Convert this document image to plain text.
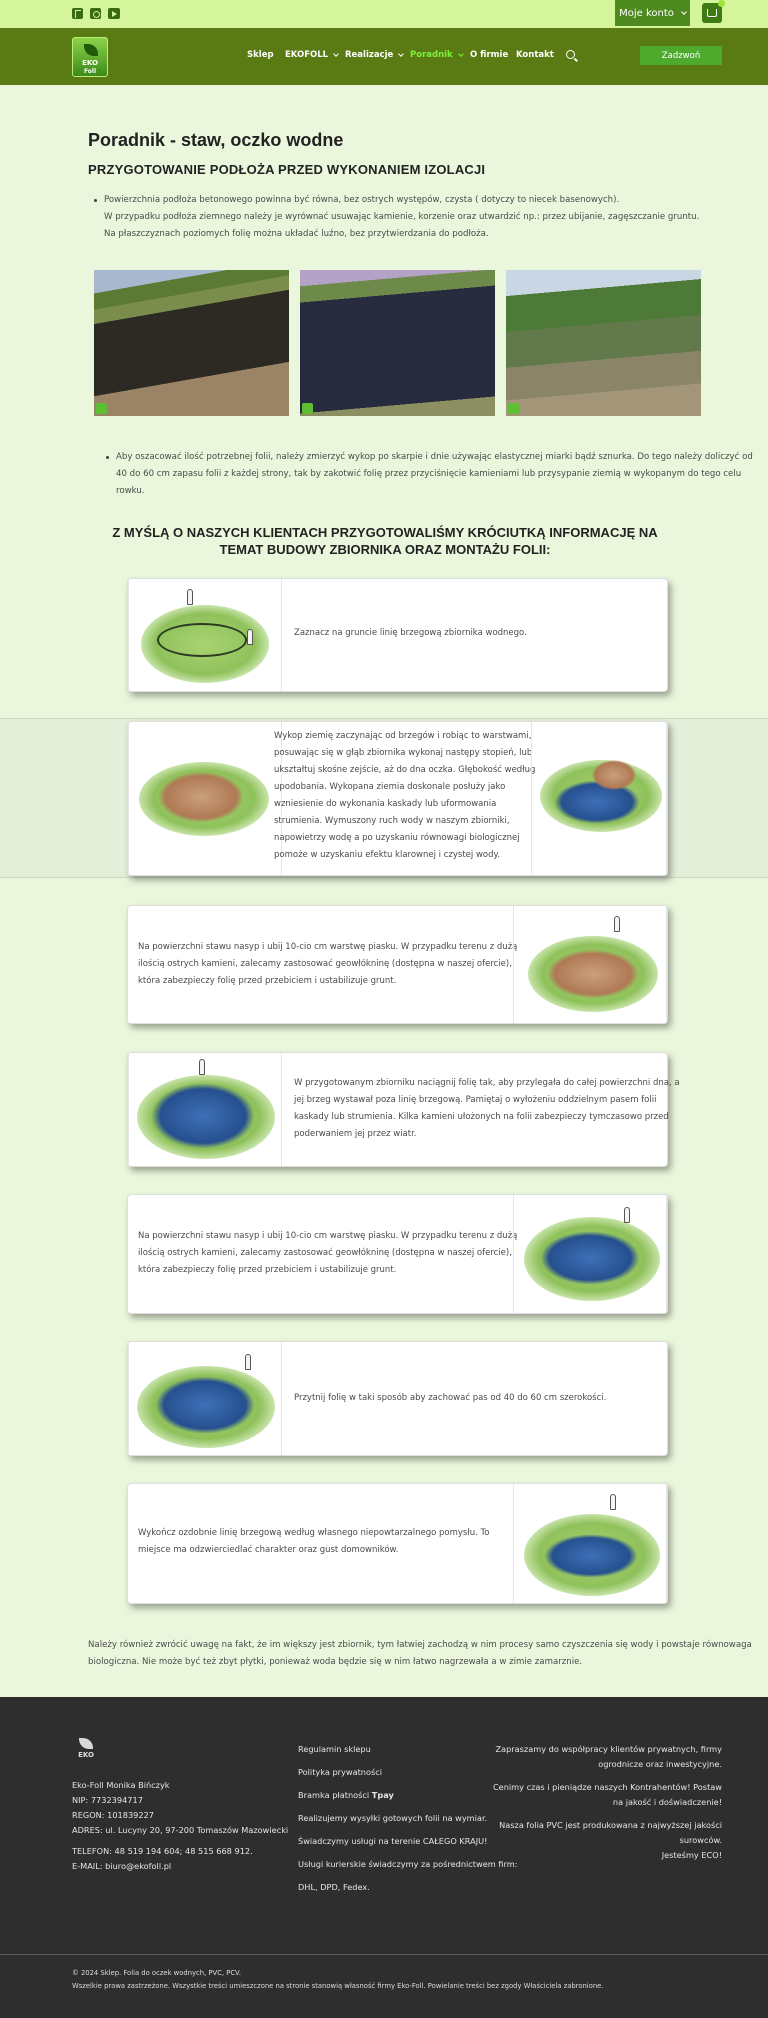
Moje konto
EKO
Foll
Sklep EKOFOLL Realizacje Poradnik O firmie Kontakt	Zadzwoń
Poradnik - staw, oczko wodne
PRZYGOTOWANIE PODŁOŻA PRZED WYKONANIEM IZOLACJI
Powierzchnia podłoża betonowego powinna być równa, bez ostrych występów, czysta ( dotyczy to niecek basenowych).
W przypadku podłoża ziemnego należy je wyrównać usuwając kamienie, korzenie oraz utwardzić np.: przez ubijanie, zagęszczanie gruntu.
Na płaszczyznach poziomych folię można układać luźno, bez przytwierdzania do podłoża.
Aby oszacować ilość potrzebnej folii, należy zmierzyć wykop po skarpie i dnie używając elastycznej miarki bądź sznurka. Do tego należy doliczyć od
40 do 60 cm zapasu folii z każdej strony, tak by zakotwić folię przez przyciśnięcie kamieniami lub przysypanie ziemią w wykopanym do tego celu
rowku.
Z MYŚLĄ O NASZYCH KLIENTACH PRZYGOTOWALIŚMY KRÓCIUTKĄ INFORMACJĘ NA
TEMAT BUDOWY ZBIORNIKA ORAZ MONTAŻU FOLII:
Zaznacz na gruncie linię brzegową zbiornika wodnego.
Wykop ziemię zaczynając od brzegów i robiąc to warstwami,
posuwając się w głąb zbiornika wykonaj następy stopień, lub
ukształtuj skośne zejście, aż do dna oczka. Głębokość według
upodobania. Wykopana ziemia doskonale posłuży jako
wzniesienie do wykonania kaskady lub uformowania
strumienia. Wymuszony ruch wody w naszym zbiorniki,
napowietrzy wodę a po uzyskaniu równowagi biologicznej
pomoże w uzyskaniu efektu klarownej i czystej wody.
Na powierzchni stawu nasyp i ubij 10-cio cm warstwę piasku. W przypadku terenu z dużą
ilością ostrych kamieni, zalecamy zastosować geowłókninę (dostępna w naszej ofercie),
która zabezpieczy folię przed przebiciem i ustabilizuje grunt.
W przygotowanym zbiorniku naciągnij folię tak, aby przylegała do całej powierzchni dna, a
jej brzeg wystawał poza linię brzegową. Pamiętaj o wyłożeniu oddzielnym pasem folii
kaskady lub strumienia. Kilka kamieni ułożonych na folii zabezpieczy tymczasowo przed
poderwaniem jej przez wiatr.
Na powierzchni stawu nasyp i ubij 10-cio cm warstwę piasku. W przypadku terenu z dużą
ilością ostrych kamieni, zalecamy zastosować geowłókninę (dostępna w naszej ofercie),
która zabezpieczy folię przed przebiciem i ustabilizuje grunt.
Przytnij folię w taki sposób aby zachować pas od 40 do 60 cm szerokości.
Wykończ ozdobnie linię brzegową według własnego niepowtarzalnego pomysłu. To
miejsce ma odzwierciedlać charakter oraz gust domowników.
Należy również zwrócić uwagę na fakt, że im większy jest zbiornik, tym łatwiej zachodzą w nim procesy samo czyszczenia się wody i powstaje równowaga
biologiczna. Nie może być też zbyt płytki, ponieważ woda będzie się w nim łatwo nagrzewała a w zimie zamarznie.
EKO
Eko-Foll Monika Bińczyk
NIP: 7732394717
REGON: 101839227
ADRES: ul. Lucyny 20, 97-200 Tomaszów Mazowiecki
TELEFON: 48 519 194 604; 48 515 668 912.
E-MAIL: biuro@ekofoll.pl
Regulamin sklepu
Polityka prywatności
Bramka płatności Tpay
Realizujemy wysyłki gotowych folii na wymiar.
Świadczymy usługi na terenie CAŁEGO KRAJU!
Usługi kurierskie świadczymy za pośrednictwem firm:
DHL, DPD, Fedex.
Zapraszamy do współpracy klientów prywatnych, firmy
ogrodnicze oraz inwestycyjne.
Cenimy czas i pieniądze naszych Kontrahentów! Postaw
na jakość i doświadczenie!
Nasza folia PVC jest produkowana z najwyższej jakości
surowców.
Jesteśmy ECO!
© 2024 Sklep. Folia do oczek wodnych, PVC, PCV.
Wszelkie prawa zastrzeżone. Wszystkie treści umieszczone na stronie stanowią własność firmy Eko-Foll. Powielanie treści bez zgody Właściciela zabronione.
